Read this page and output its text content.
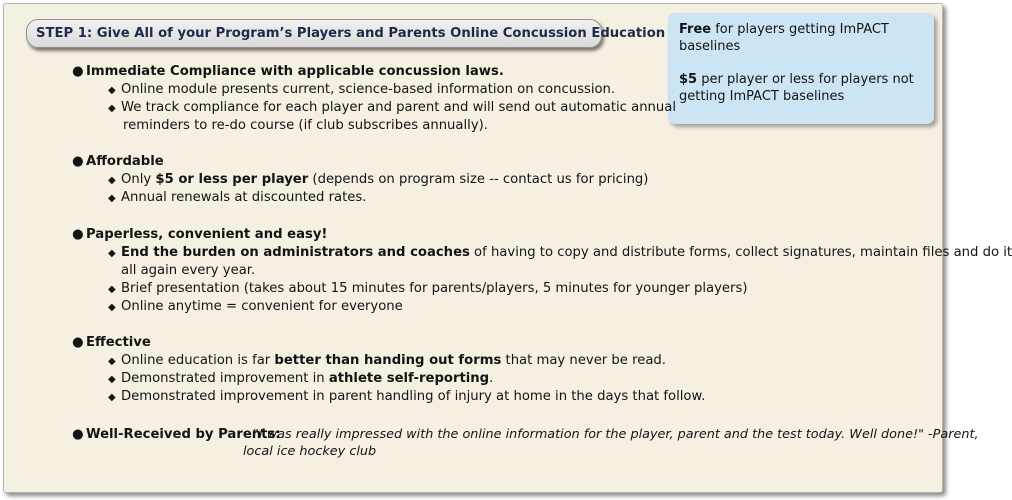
STEP 1: Give All of your Program’s Players and Parents Online Concussion Education Free for players getting ImPACT baselines

$5 per player or less for players not getting ImPACT baselines

● Immediate Compliance with applicable concussion laws.
◆ Online module presents current, science-based information on concussion.
◆ We track compliance for each player and parent and will send out automatic annual
reminders to re-do course (if club subscribes annually).
● Affordable
◆ Only $5 or less per player (depends on program size -- contact us for pricing)
◆ Annual renewals at discounted rates.
● Paperless, convenient and easy!
◆ End the burden on administrators and coaches of having to copy and distribute forms, collect signatures, maintain files and do it
all again every year.
◆ Brief presentation (takes about 15 minutes for parents/players, 5 minutes for younger players)
◆ Online anytime = convenient for everyone
● Effective
◆ Online education is far better than handing out forms that may never be read.
◆ Demonstrated improvement in athlete self-reporting.
◆ Demonstrated improvement in parent handling of injury at home in the days that follow.
● Well-Received by Parents:
"I was really impressed with the online information for the player, parent and the test today. Well done!" -Parent,
local ice hockey club
